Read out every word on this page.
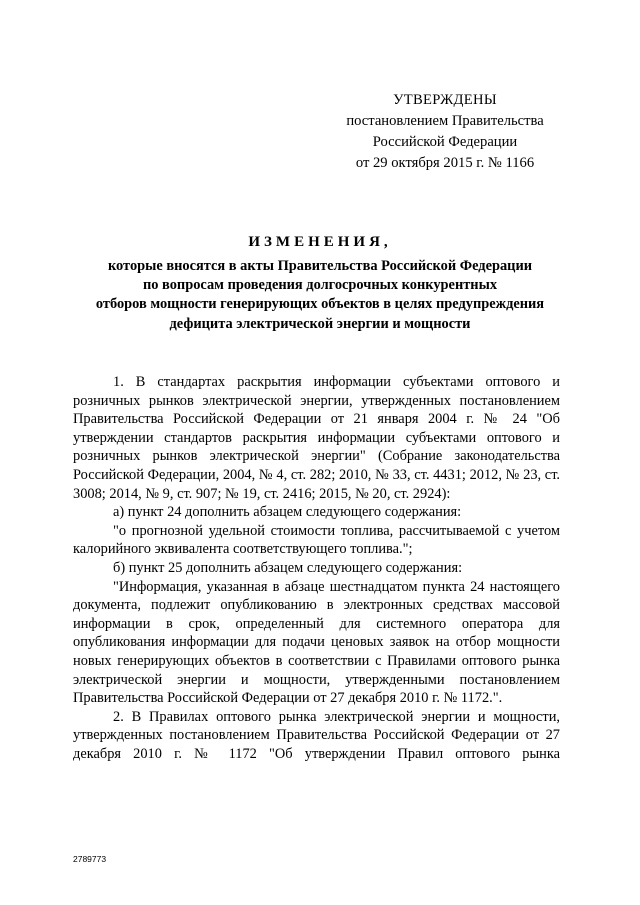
УТВЕРЖДЕНЫ
постановлением Правительства
Российской Федерации
от 29 октября 2015 г. № 1166
ИЗМЕНЕНИЯ,
которые вносятся в акты Правительства Российской Федерации
по вопросам проведения долгосрочных конкурентных
отборов мощности генерирующих объектов в целях предупреждения
дефицита электрической энергии и мощности

1. В стандартах раскрытия информации субъектами оптового и розничных рынков электрической энергии, утвержденных постановлением Правительства Российской Федерации от 21 января 2004 г. № 24 "Об утверждении стандартов раскрытия информации субъектами оптового и розничных рынков электрической энергии" (Собрание законодательства Российской Федерации, 2004, № 4, ст. 282; 2010, № 33, ст. 4431; 2012, № 23, ст. 3008; 2014, № 9, ст. 907; № 19, ст. 2416; 2015, № 20, ст. 2924):

а) пункт 24 дополнить абзацем следующего содержания:

"о прогнозной удельной стоимости топлива, рассчитываемой с учетом калорийного эквивалента соответствующего топлива.";

б) пункт 25 дополнить абзацем следующего содержания:

"Информация, указанная в абзаце шестнадцатом пункта 24 настоящего документа, подлежит опубликованию в электронных средствах массовой информации в срок, определенный для системного оператора для опубликования информации для подачи ценовых заявок на отбор мощности новых генерирующих объектов в соответствии с Правилами оптового рынка электрической энергии и мощности, утвержденными постановлением Правительства Российской Федерации от 27 декабря 2010 г. № 1172.".

2. В Правилах оптового рынка электрической энергии и мощности, утвержденных постановлением Правительства Российской Федерации от 27 декабря 2010 г. № 1172 "Об утверждении Правил оптового рынка

2789773
